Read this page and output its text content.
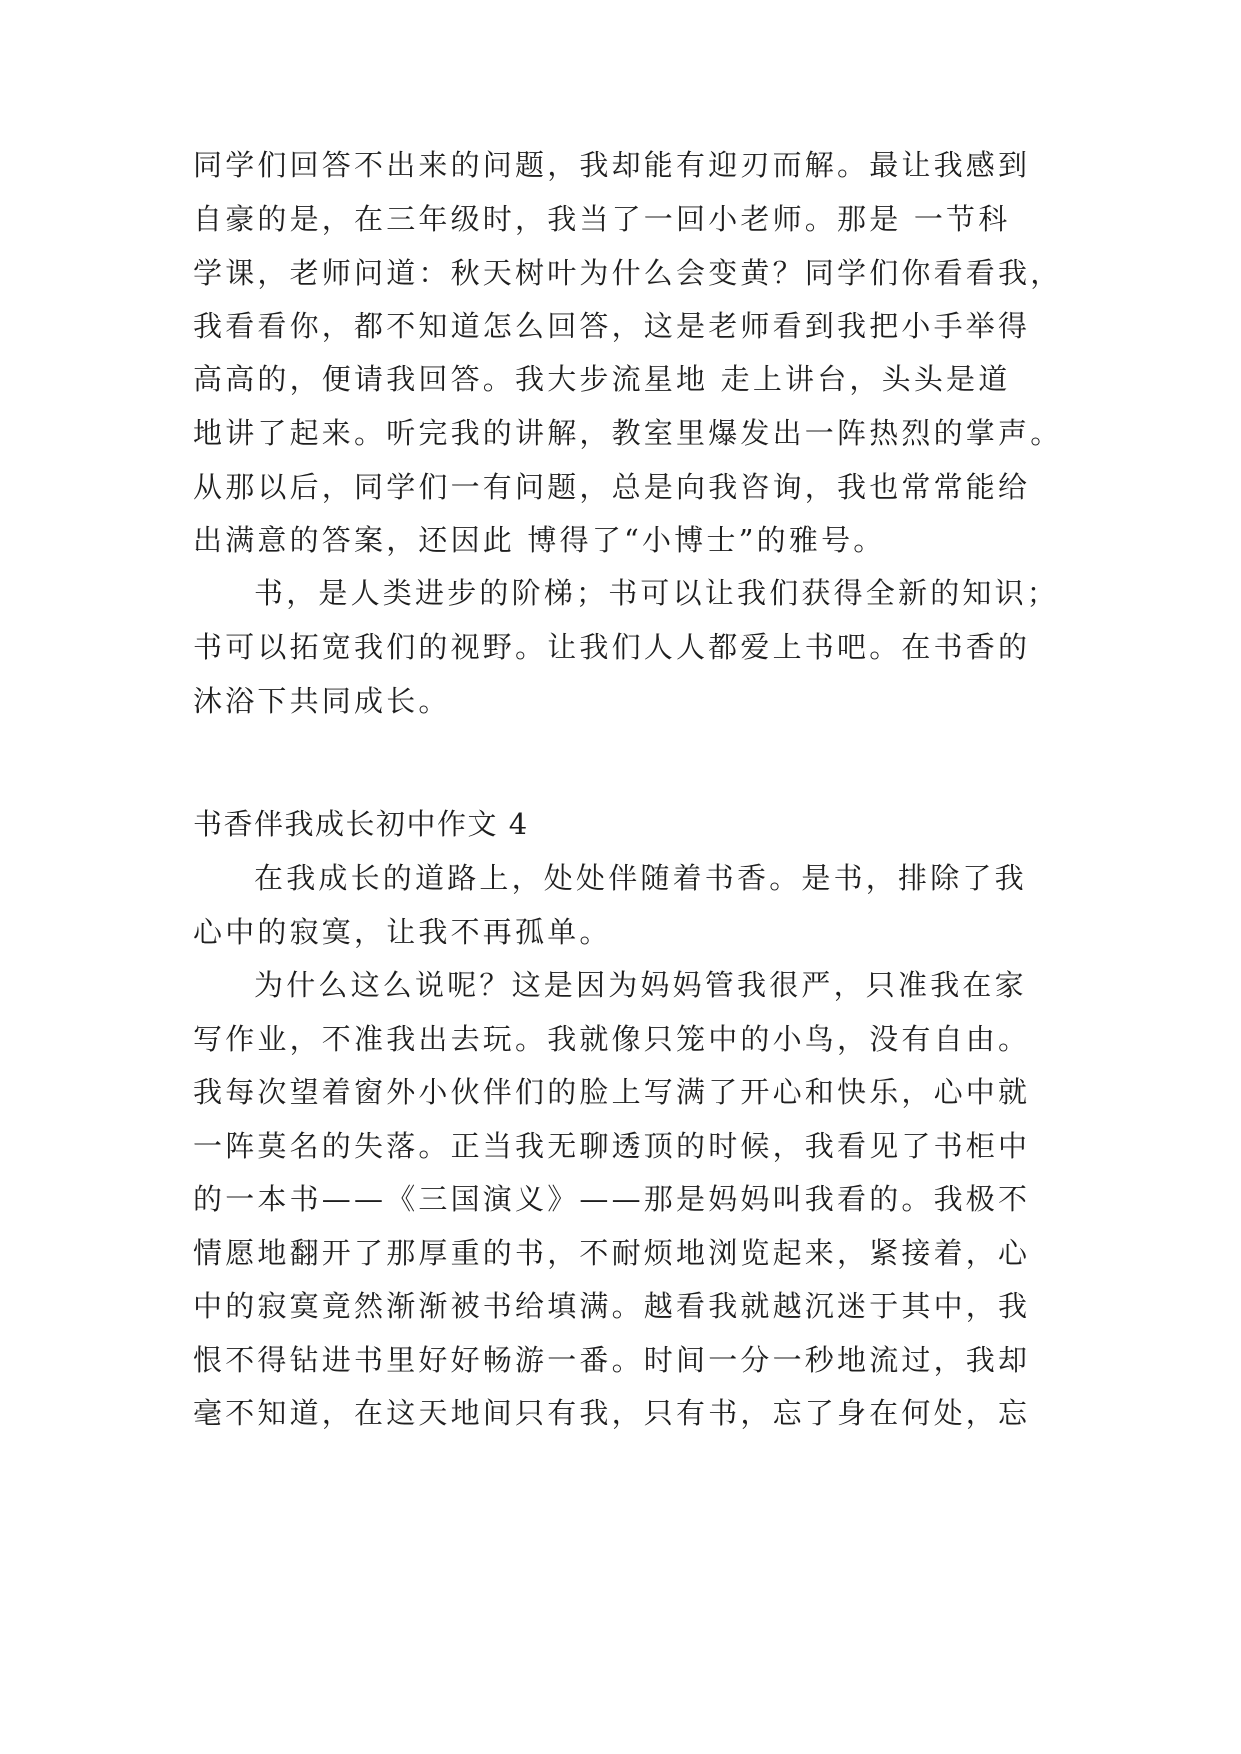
同学们回答不出来的问题，我却能有迎刃而解。最让我感到

自豪的是，在三年级时，我当了一回小老师。那是 一节科

学课，老师问道：秋天树叶为什么会变黄？同学们你看看我，

我看看你，都不知道怎么回答，这是老师看到我把小手举得

高高的，便请我回答。我大步流星地 走上讲台，头头是道

地讲了起来。听完我的讲解，教室里爆发出一阵热烈的掌声。

从那以后，同学们一有问题，总是向我咨询，我也常常能给

出满意的答案，还因此 博得了“小博士”的雅号。

书，是人类进步的阶梯；书可以让我们获得全新的知识；

书可以拓宽我们的视野。让我们人人都爱上书吧。在书香的

沐浴下共同成长。

书香伴我成长初中作文 4

在我成长的道路上，处处伴随着书香。是书，排除了我

心中的寂寞，让我不再孤单。

为什么这么说呢？这是因为妈妈管我很严，只准我在家

写作业，不准我出去玩。我就像只笼中的小鸟，没有自由。

我每次望着窗外小伙伴们的脸上写满了开心和快乐，心中就

一阵莫名的失落。正当我无聊透顶的时候，我看见了书柜中

的一本书——《三国演义》——那是妈妈叫我看的。我极不

情愿地翻开了那厚重的书，不耐烦地浏览起来，紧接着，心

中的寂寞竟然渐渐被书给填满。越看我就越沉迷于其中，我

恨不得钻进书里好好畅游一番。时间一分一秒地流过，我却

毫不知道，在这天地间只有我，只有书，忘了身在何处，忘
